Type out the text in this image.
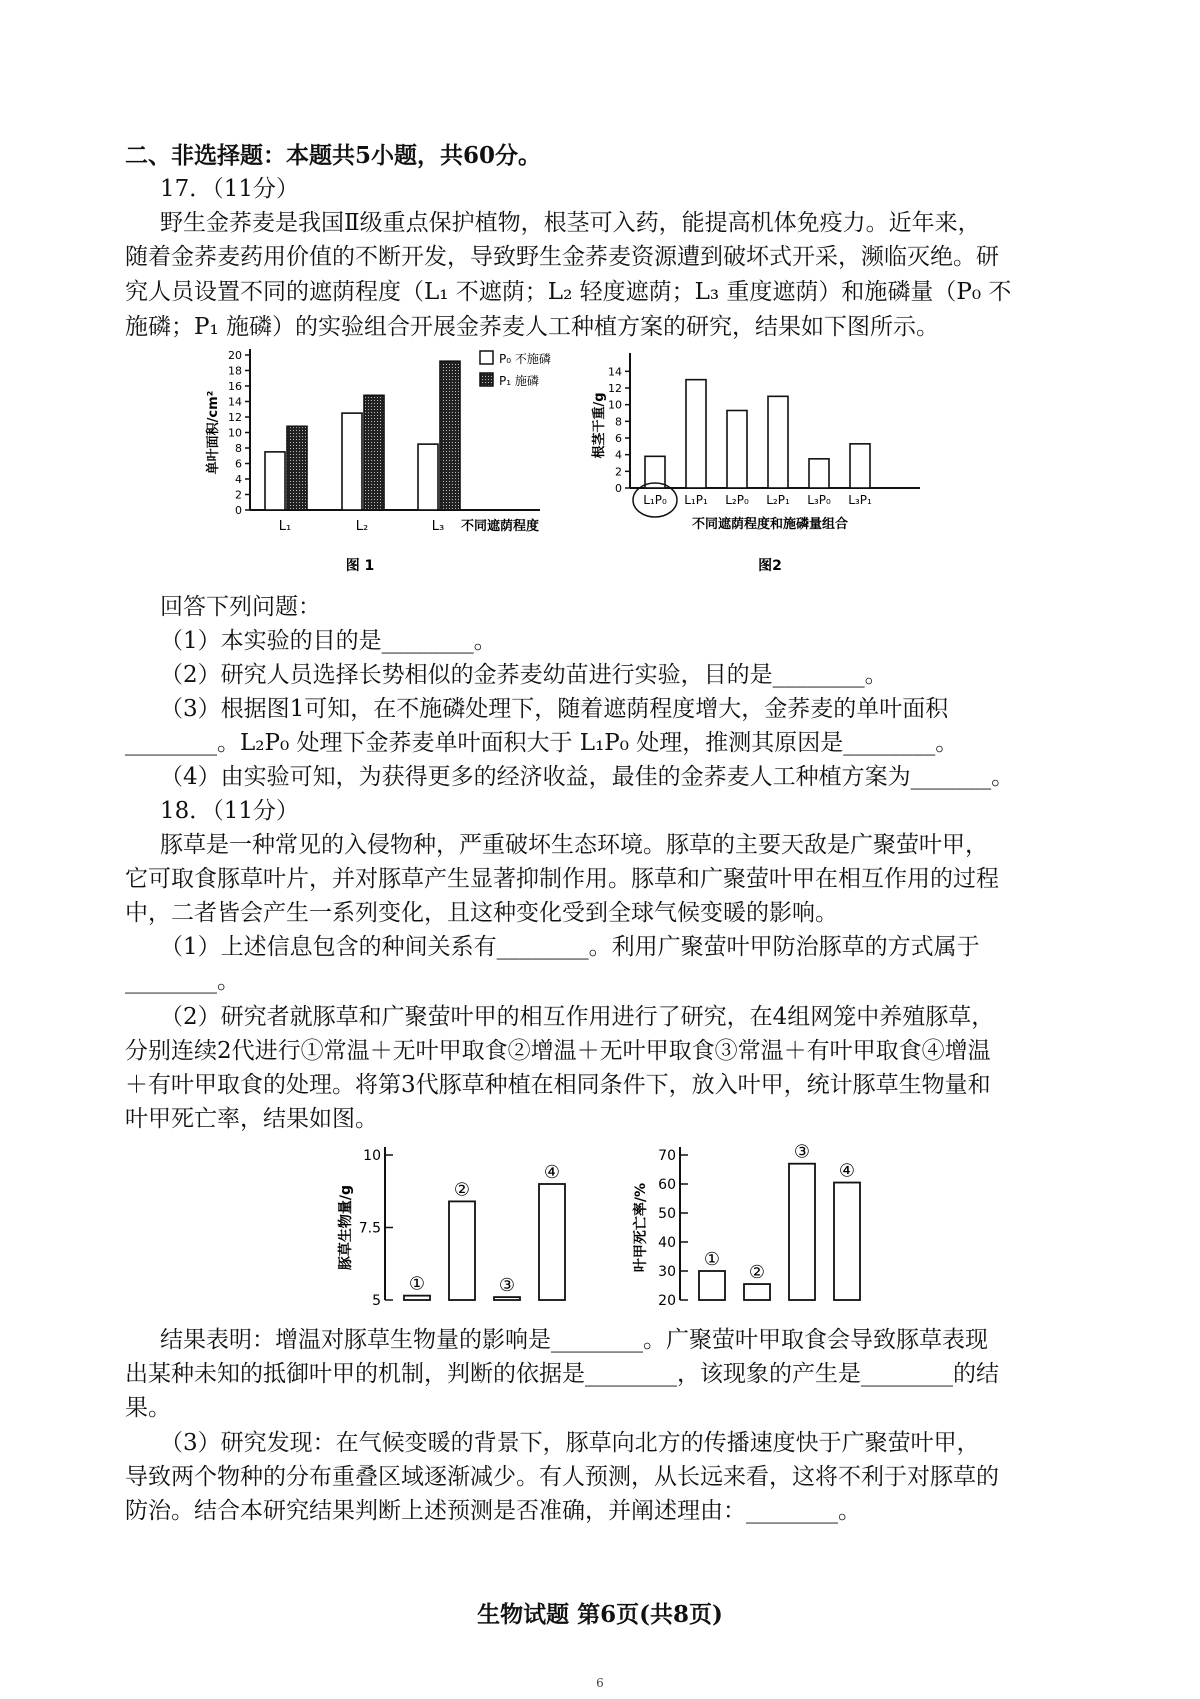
二、非选择题：本题共5小题，共60分。
17．（11分）
野生金荞麦是我国Ⅱ级重点保护植物，根茎可入药，能提高机体免疫力。近年来，
随着金荞麦药用价值的不断开发，导致野生金荞麦资源遭到破坏式开采，濒临灭绝。研
究人员设置不同的遮荫程度（L₁ 不遮荫；L₂ 轻度遮荫；L₃ 重度遮荫）和施磷量（P₀ 不
施磷；P₁ 施磷）的实验组合开展金荞麦人工种植方案的研究，结果如下图所示。
0
2
4
6
8
10
12
14
16
18
20
单叶面积/cm²
L₁	L₂	L₃ 不同遮荫程度
P₀ 不施磷
P₁ 施磷
图 1
0
2
4
6
8
10
12
14
根茎干重/g
L₁P₀ L₁P₁ L₂P₀ L₂P₁ L₃P₀ L₃P₁
不同遮荫程度和施磷量组合
图2
回答下列问题：
（1）本实验的目的是________。
（2）研究人员选择长势相似的金荞麦幼苗进行实验，目的是________。
（3）根据图1可知，在不施磷处理下，随着遮荫程度增大，金荞麦的单叶面积
________。L₂P₀ 处理下金荞麦单叶面积大于 L₁P₀ 处理，推测其原因是________。
（4）由实验可知，为获得更多的经济收益，最佳的金荞麦人工种植方案为_______。
18．（11分）
豚草是一种常见的入侵物种，严重破坏生态环境。豚草的主要天敌是广聚萤叶甲，
它可取食豚草叶片，并对豚草产生显著抑制作用。豚草和广聚萤叶甲在相互作用的过程
中，二者皆会产生一系列变化，且这种变化受到全球气候变暖的影响。
（1）上述信息包含的种间关系有________。利用广聚萤叶甲防治豚草的方式属于
________。
（2）研究者就豚草和广聚萤叶甲的相互作用进行了研究，在4组网笼中养殖豚草，
分别连续2代进行①常温＋无叶甲取食②增温＋无叶甲取食③常温＋有叶甲取食④增温
＋有叶甲取食的处理。将第3代豚草种植在相同条件下，放入叶甲，统计豚草生物量和
叶甲死亡率，结果如图。
5
7.5
10
豚草生物量/g
①
②
③
④
20
30
40
50
60
70
叶甲死亡率/%	①
②
③
④
结果表明：增温对豚草生物量的影响是________。广聚萤叶甲取食会导致豚草表现
出某种未知的抵御叶甲的机制，判断的依据是________，该现象的产生是________的结
果。
（3）研究发现：在气候变暖的背景下，豚草向北方的传播速度快于广聚萤叶甲，
导致两个物种的分布重叠区域逐渐减少。有人预测，从长远来看，这将不利于对豚草的
防治。结合本研究结果判断上述预测是否准确，并阐述理由：________。
生物试题 第6页(共8页)
6
